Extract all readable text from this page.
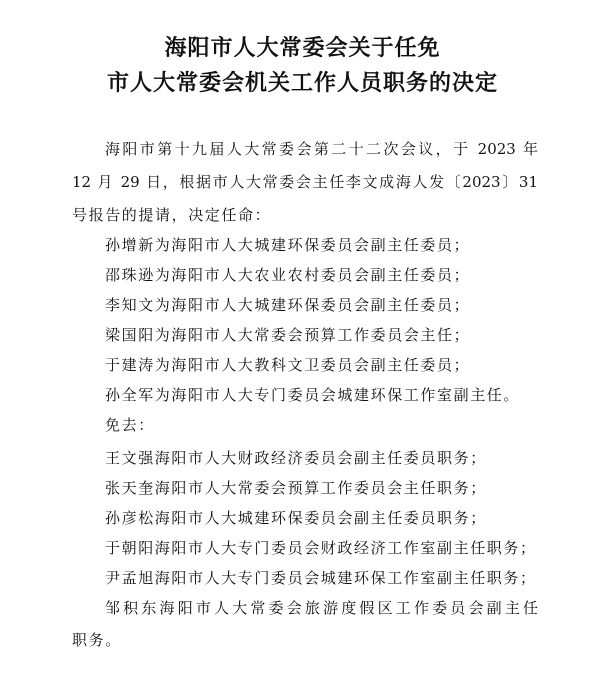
海阳市人大常委会关于任免
市人大常委会机关工作人员职务的决定
海阳市第十九届人大常委会第二十二次会议，于 2023 年
12 月 29 日，根据市人大常委会主任李文成海人发〔2023〕31
号报告的提请，决定任命：
孙增新为海阳市人大城建环保委员会副主任委员；
邵珠逊为海阳市人大农业农村委员会副主任委员；
李知文为海阳市人大城建环保委员会副主任委员；
梁国阳为海阳市人大常委会预算工作委员会主任；
于建涛为海阳市人大教科文卫委员会副主任委员；
孙全军为海阳市人大专门委员会城建环保工作室副主任。
免去：
王文强海阳市人大财政经济委员会副主任委员职务；
张天奎海阳市人大常委会预算工作委员会主任职务；
孙彦松海阳市人大城建环保委员会副主任委员职务；
于朝阳海阳市人大专门委员会财政经济工作室副主任职务；
尹孟旭海阳市人大专门委员会城建环保工作室副主任职务；
邹积东海阳市人大常委会旅游度假区工作委员会副主任
职务。
